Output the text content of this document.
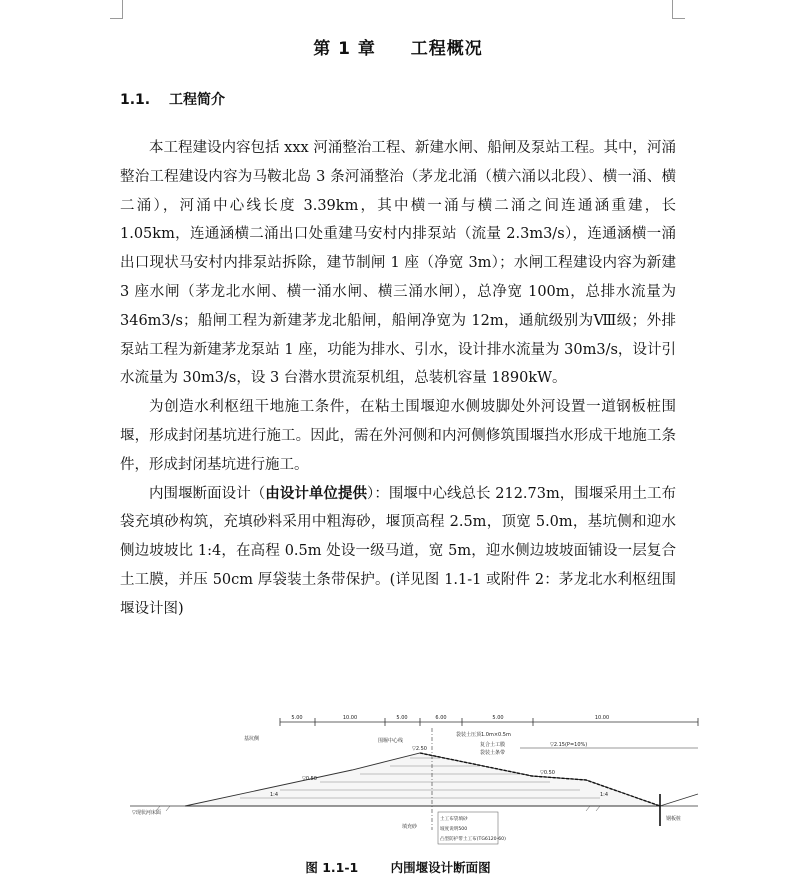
第 1 章 工程概况
1.1. 工程简介

本工程建设内容包括 xxx 河涌整治工程、新建水闸、船闸及泵站工程。其中，河涌整治工程建设内容为马鞍北岛 3 条河涌整治（茅龙北涌（横六涌以北段）、横一涌、横二涌），河涌中心线长度 3.39km，其中横一涌与横二涌之间连通涵重建，长 1.05km，连通涵横二涌出口处重建马安村内排泵站（流量 2.3m3/s），连通涵横一涌出口现状马安村内排泵站拆除，建节制闸 1 座（净宽 3m）；水闸工程建设内容为新建 3 座水闸（茅龙北水闸、横一涌水闸、横三涌水闸），总净宽 100m，总排水流量为 346m3/s；船闸工程为新建茅龙北船闸，船闸净宽为 12m，通航级别为Ⅷ级；外排泵站工程为新建茅龙泵站 1 座，功能为排水、引水，设计排水流量为 30m3/s，设计引水流量为 30m3/s，设 3 台潜水贯流泵机组，总装机容量 1890kW。

为创造水利枢纽干地施工条件，在粘土围堰迎水侧坡脚处外河设置一道钢板桩围堰，形成封闭基坑进行施工。因此，需在外河侧和内河侧修筑围堰挡水形成干地施工条件，形成封闭基坑进行施工。

内围堰断面设计（由设计单位提供）：围堰中心线总长 212.73m，围堰采用土工布袋充填砂构筑，充填砂料采用中粗海砂，堰顶高程 2.5m，顶宽 5.0m，基坑侧和迎水侧边坡坡比 1:4，在高程 0.5m 处设一级马道，宽 5m，迎水侧边坡坡面铺设一层复合土工膜，并压 50cm 厚袋装土条带保护。(详见图 1.1-1 或附件 2：茅龙北水利枢纽围堰设计图)

5.00	10.00	5.00	6.00	5.00	10.00
基坑侧	围堰中心线
▽2.50
袋装土压顶1.0m×0.5m
复合土工膜
袋装土条带
▽2.15(P=10%)
▽0.50
▽0.50
1:4	1:4
▽现状河床面
填充砂
钢板桩
土工布袋填砂
坡度说明500
凸型防护带土工布(TG6120-60)
图 1.1-1	内围堰设计断面图
